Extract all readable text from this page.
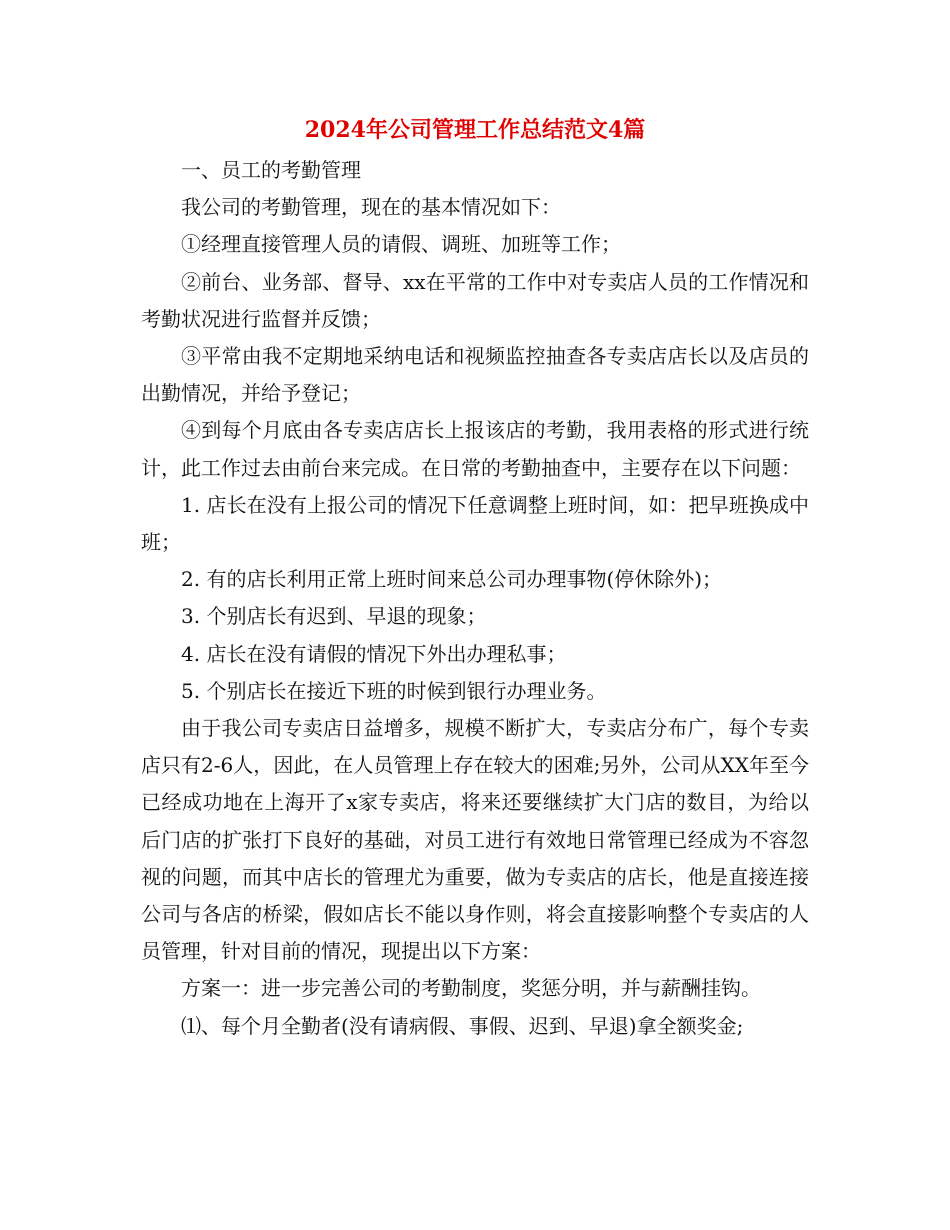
2024年公司管理工作总结范文4篇

一、员工的考勤管理

我公司的考勤管理，现在的基本情况如下：

①经理直接管理人员的请假、调班、加班等工作；

②前台、业务部、督导、xx在平常的工作中对专卖店人员的工作情况和考勤状况进行监督并反馈；

③平常由我不定期地采纳电话和视频监控抽查各专卖店店长以及店员的出勤情况，并给予登记；

④到每个月底由各专卖店店长上报该店的考勤，我用表格的形式进行统计，此工作过去由前台来完成。在日常的考勤抽查中，主要存在以下问题：

1. 店长在没有上报公司的情况下任意调整上班时间，如：把早班换成中班；

2. 有的店长利用正常上班时间来总公司办理事物(停休除外)；

3. 个别店长有迟到、早退的现象；

4. 店长在没有请假的情况下外出办理私事；

5. 个别店长在接近下班的时候到银行办理业务。

由于我公司专卖店日益增多，规模不断扩大，专卖店分布广，每个专卖店只有2-6人，因此，在人员管理上存在较大的困难;另外，公司从XX年至今已经成功地在上海开了x家专卖店，将来还要继续扩大门店的数目，为给以后门店的扩张打下良好的基础，对员工进行有效地日常管理已经成为不容忽视的问题，而其中店长的管理尤为重要，做为专卖店的店长，他是直接连接公司与各店的桥梁，假如店长不能以身作则，将会直接影响整个专卖店的人员管理，针对目前的情况，现提出以下方案：

方案一：进一步完善公司的考勤制度，奖惩分明，并与薪酬挂钩。

⑴、每个月全勤者(没有请病假、事假、迟到、早退)拿全额奖金;
